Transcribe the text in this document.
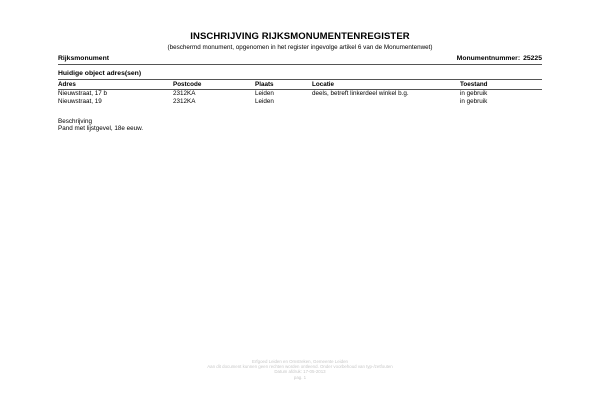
INSCHRIJVING RIJKSMONUMENTENREGISTER
(beschermd monument, opgenomen in het register ingevolge artikel 6 van de Monumentenwet)
Rijksmonument	Monumentnummer: 25225
Huidige object adres(sen)
Adres	Postcode	Plaats	Locatie	Toestand
Nieuwstraat, 17 b	2312KA	Leiden	deels, betreft linkerdeel winkel b.g.	in gebruik
Nieuwstraat, 19	2312KA	Leiden		in gebruik
Beschrijving
Pand met lijstgevel, 18e eeuw.
Erfgoed Leiden en Omstreken, Gemeente Leiden
Aan dit document kunnen geen rechten worden ontleend. Onder voorbehoud van typ-/zetfouten
Datum afdruk: 17-05-2013
pag. 1
